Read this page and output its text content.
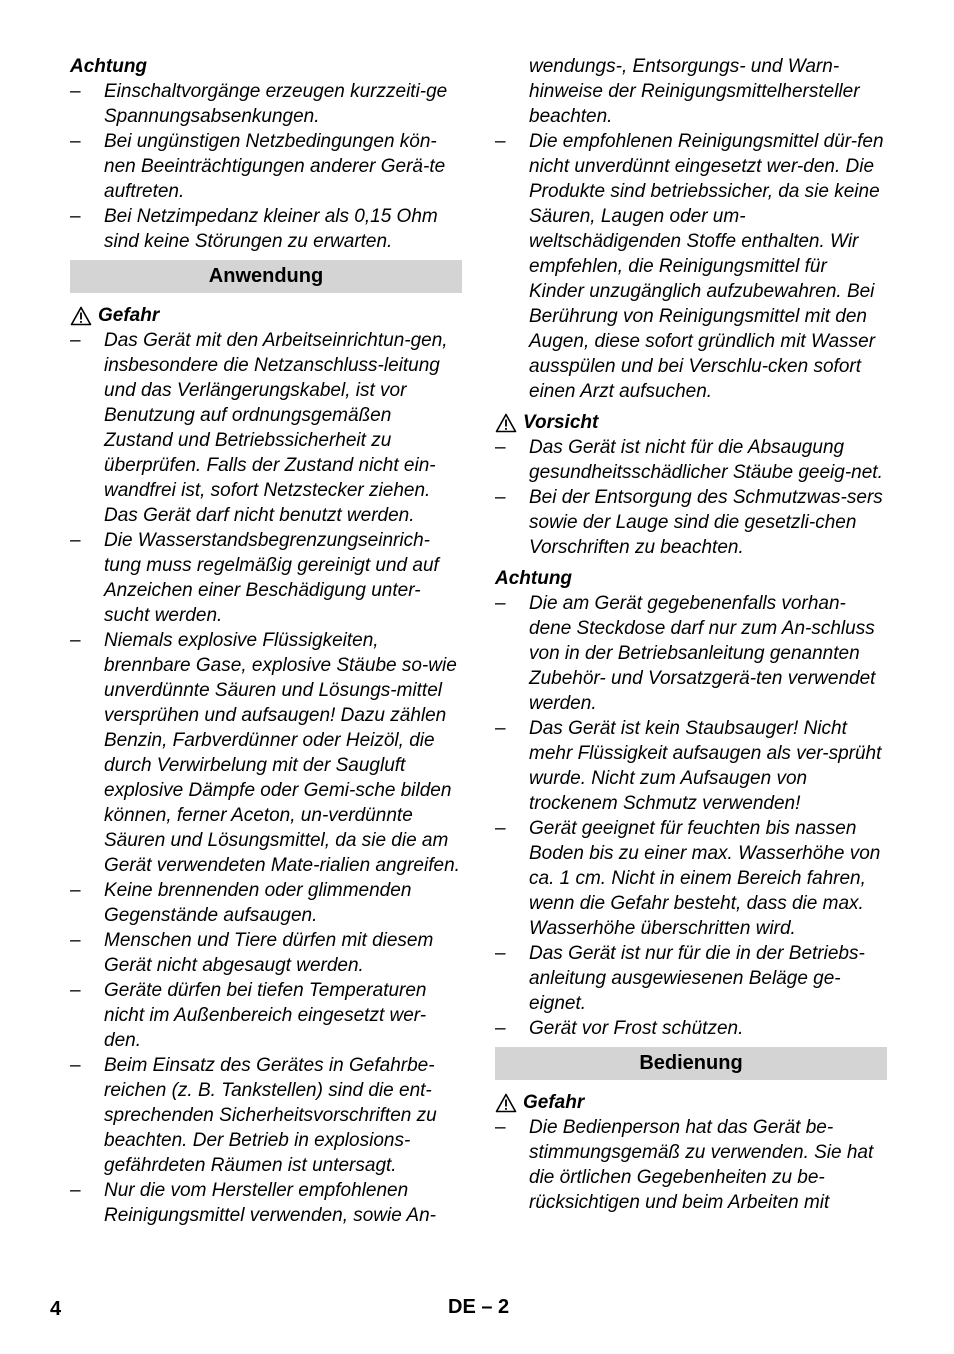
Achtung
–	Einschaltvorgänge erzeugen kurzzeiti-ge Spannungsabsenkungen.
–	Bei ungünstigen Netzbedingungen kön-nen Beeinträchtigungen anderer Gerä-te auftreten.
–	Bei Netzimpedanz kleiner als 0,15 Ohm sind keine Störungen zu erwarten.
Anwendung
Gefahr
–	Das Gerät mit den Arbeitseinrichtun-gen, insbesondere die Netzanschluss-leitung und das Verlängerungskabel, ist vor Benutzung auf ordnungsgemäßen Zustand und Betriebssicherheit zu überprüfen. Falls der Zustand nicht ein-wandfrei ist, sofort Netzstecker ziehen. Das Gerät darf nicht benutzt werden.
–	Die Wasserstandsbegrenzungseinrich-tung muss regelmäßig gereinigt und auf Anzeichen einer Beschädigung unter-sucht werden.
–	Niemals explosive Flüssigkeiten, brennbare Gase, explosive Stäube so-wie unverdünnte Säuren und Lösungs-mittel versprühen und aufsaugen! Dazu zählen Benzin, Farbverdünner oder Heizöl, die durch Verwirbelung mit der Saugluft explosive Dämpfe oder Gemi-sche bilden können, ferner Aceton, un-verdünnte Säuren und Lösungsmittel, da sie die am Gerät verwendeten Mate-rialien angreifen.
–	Keine brennenden oder glimmenden Gegenstände aufsaugen.
–	Menschen und Tiere dürfen mit diesem Gerät nicht abgesaugt werden.
–	Geräte dürfen bei tiefen Temperaturen nicht im Außenbereich eingesetzt wer-den.
–	Beim Einsatz des Gerätes in Gefahrbe-reichen (z. B. Tankstellen) sind die ent-sprechenden Sicherheitsvorschriften zu beachten. Der Betrieb in explosions-gefährdeten Räumen ist untersagt.
–	Nur die vom Hersteller empfohlenen Reinigungsmittel verwenden, sowie An-
wendungs-, Entsorgungs- und Warn-hinweise der Reinigungsmittelhersteller beachten.
–	Die empfohlenen Reinigungsmittel dür-fen nicht unverdünnt eingesetzt wer-den. Die Produkte sind betriebssicher, da sie keine Säuren, Laugen oder um-weltschädigenden Stoffe enthalten. Wir empfehlen, die Reinigungsmittel für Kinder unzugänglich aufzubewahren. Bei Berührung von Reinigungsmittel mit den Augen, diese sofort gründlich mit Wasser ausspülen und bei Verschlu-cken sofort einen Arzt aufsuchen.
Vorsicht
–	Das Gerät ist nicht für die Absaugung gesundheitsschädlicher Stäube geeig-net.
–	Bei der Entsorgung des Schmutzwas-sers sowie der Lauge sind die gesetzli-chen Vorschriften zu beachten.
Achtung
–	Die am Gerät gegebenenfalls vorhan-dene Steckdose darf nur zum An-schluss von in der Betriebsanleitung genannten Zubehör- und Vorsatzgerä-ten verwendet werden.
–	Das Gerät ist kein Staubsauger! Nicht mehr Flüssigkeit aufsaugen als ver-sprüht wurde. Nicht zum Aufsaugen von trockenem Schmutz verwenden!
–	Gerät geeignet für feuchten bis nassen Boden bis zu einer max. Wasserhöhe von ca. 1 cm. Nicht in einem Bereich fahren, wenn die Gefahr besteht, dass die max. Wasserhöhe überschritten wird.
–	Das Gerät ist nur für die in der Betriebs-anleitung ausgewiesenen Beläge ge-eignet.
–	Gerät vor Frost schützen.
Bedienung
Gefahr
–	Die Bedienperson hat das Gerät be-stimmungsgemäß zu verwenden. Sie hat die örtlichen Gegebenheiten zu be-rücksichtigen und beim Arbeiten mit
4	DE – 2
